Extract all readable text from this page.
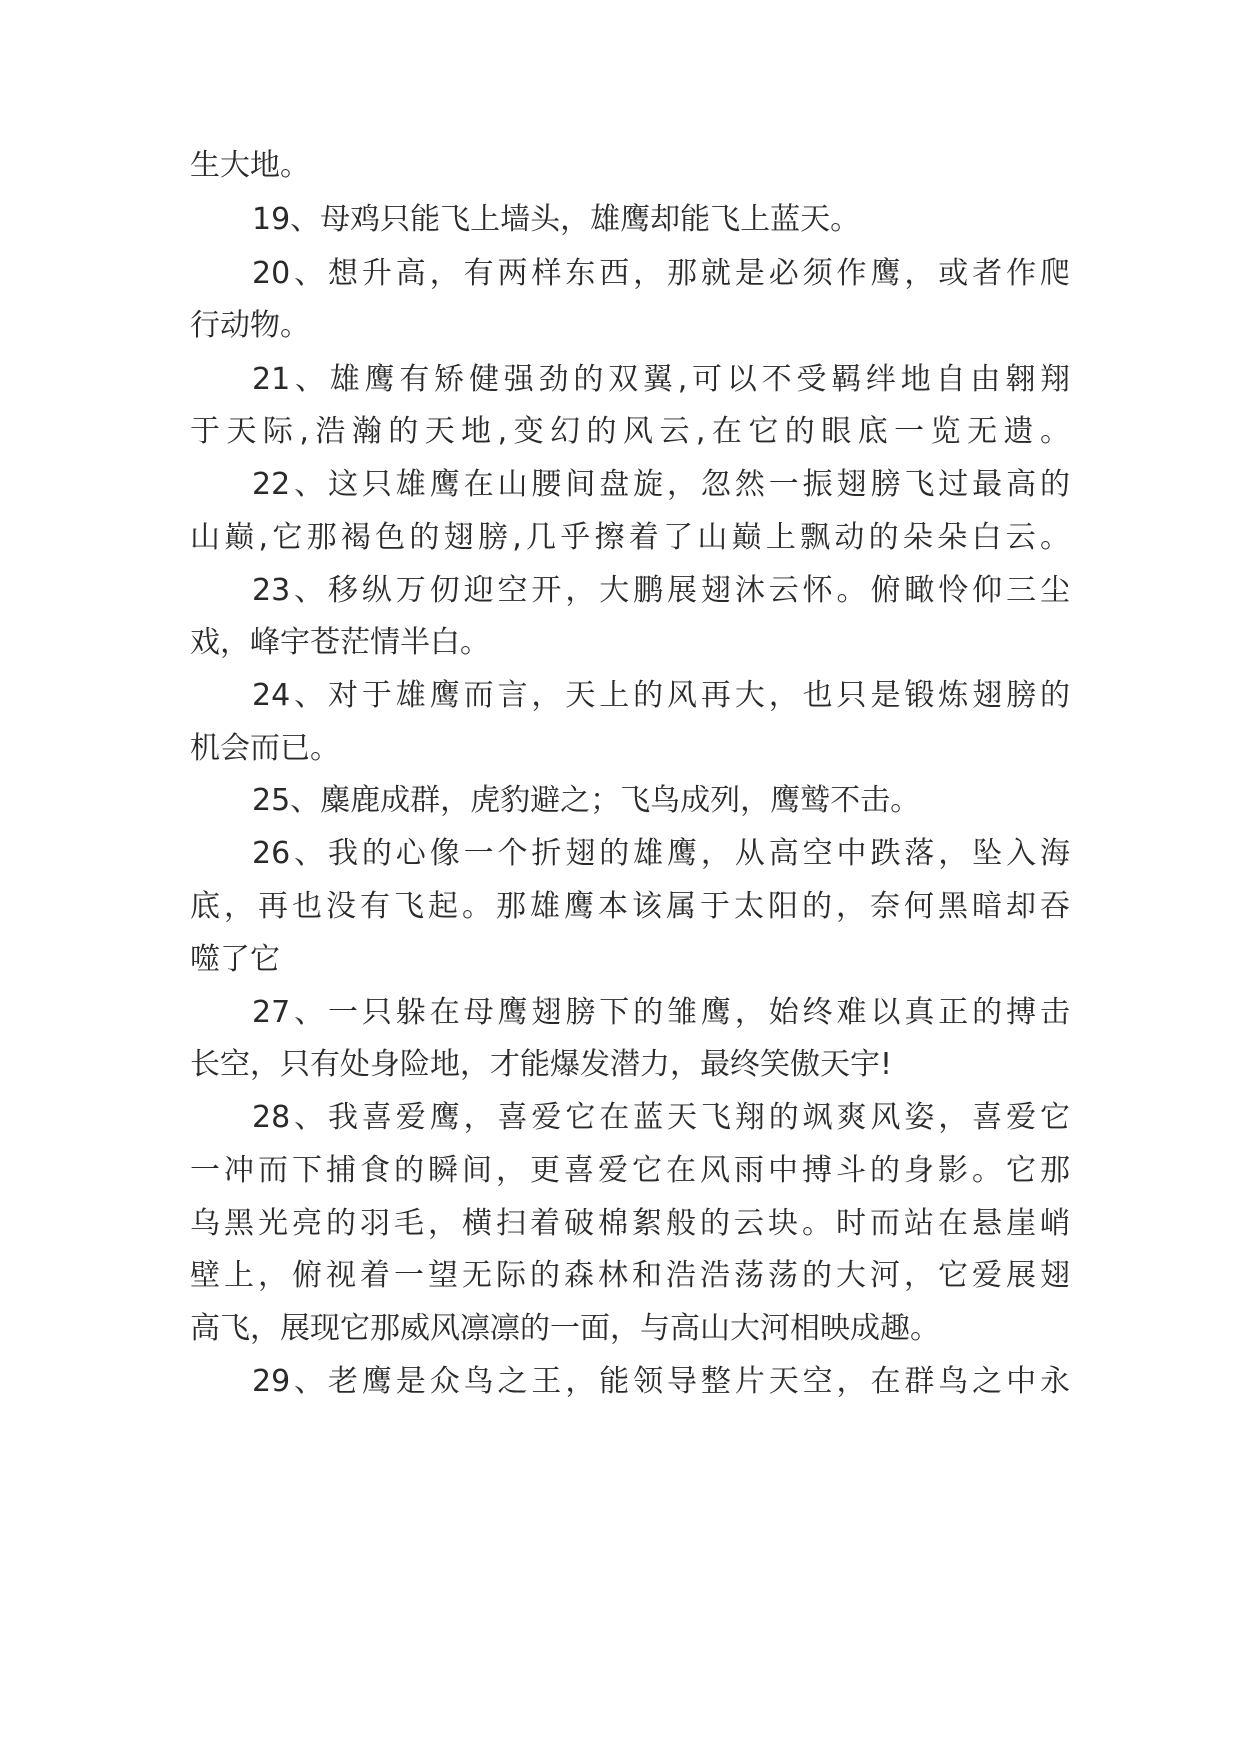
生大地。
19、母鸡只能飞上墙头，雄鹰却能飞上蓝天。
20、想升高，有两样东西，那就是必须作鹰，或者作爬
行动物。
21、雄鹰有矫健强劲的双翼,可以不受羁绊地自由翱翔
于天际,浩瀚的天地,变幻的风云,在它的眼底一览无遗。
22、这只雄鹰在山腰间盘旋，忽然一振翅膀飞过最高的
山巅,它那褐色的翅膀,几乎擦着了山巅上飘动的朵朵白云。
23、移纵万仞迎空开，大鹏展翅沐云怀。俯瞰怜仰三尘
戏，峰宇苍茫情半白。
24、对于雄鹰而言，天上的风再大，也只是锻炼翅膀的
机会而已。
25、麋鹿成群，虎豹避之；飞鸟成列，鹰鹫不击。
26、我的心像一个折翅的雄鹰，从高空中跌落，坠入海
底，再也没有飞起。那雄鹰本该属于太阳的，奈何黑暗却吞
噬了它
27、一只躲在母鹰翅膀下的雏鹰，始终难以真正的搏击
长空，只有处身险地，才能爆发潜力，最终笑傲天宇!
28、我喜爱鹰，喜爱它在蓝天飞翔的飒爽风姿，喜爱它
一冲而下捕食的瞬间，更喜爱它在风雨中搏斗的身影。它那
乌黑光亮的羽毛，横扫着破棉絮般的云块。时而站在悬崖峭
壁上，俯视着一望无际的森林和浩浩荡荡的大河，它爱展翅
高飞，展现它那威风凛凛的一面，与高山大河相映成趣。
29、老鹰是众鸟之王，能领导整片天空，在群鸟之中永
